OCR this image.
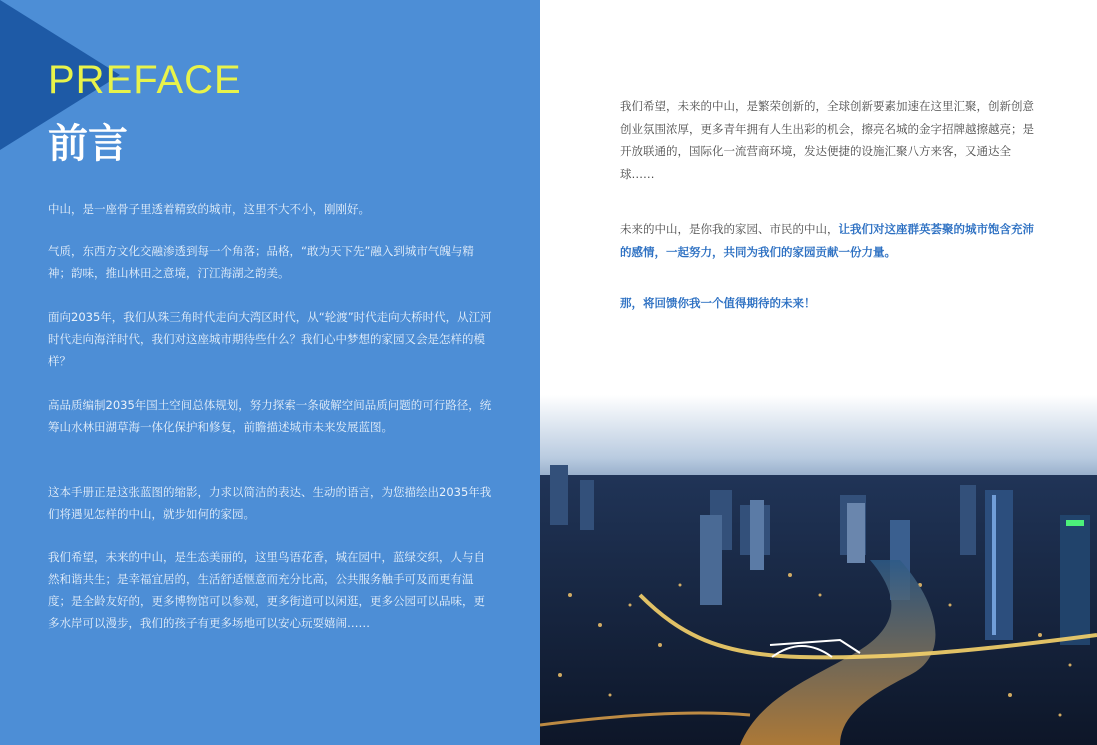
PREFACE
前言

中山，是一座骨子里透着精致的城市，这里不大不小，刚刚好。

气质，东西方文化交融渗透到每一个角落；品格，“敢为天下先”融入到城市气魄与精神；韵味，推山林田之意境，汀江海湖之韵美。

面向2035年，我们从珠三角时代走向大湾区时代，从“轮渡”时代走向大桥时代，从江河时代走向海洋时代，我们对这座城市期待些什么？我们心中梦想的家园又会是怎样的模样？

高品质编制2035年国土空间总体规划，努力探索一条破解空间品质问题的可行路径，统筹山水林田湖草海一体化保护和修复，前瞻描述城市未来发展蓝图。

这本手册正是这张蓝图的缩影，力求以简洁的表达、生动的语言，为您描绘出2035年我们将遇见怎样的中山，就步如何的家园。

我们希望，未来的中山，是生态美丽的，这里鸟语花香，城在园中，蓝绿交织，人与自然和谐共生；是幸福宜居的，生活舒适惬意而充分比高，公共服务触手可及而更有温度；是全龄友好的，更多博物馆可以参观，更多街道可以闲逛，更多公园可以品味，更多水岸可以漫步，我们的孩子有更多场地可以安心玩耍嬉闹……

我们希望，未来的中山，是繁荣创新的，全球创新要素加速在这里汇聚，创新创意创业氛围浓厚，更多青年拥有人生出彩的机会，擦亮名城的金字招牌越擦越亮；是开放联通的，国际化一流营商环境，发达便捷的设施汇聚八方来客，又通达全球……

未来的中山，是你我的家园、市民的中山，让我们对这座群英荟聚的城市饱含充沛的感情，一起努力，共同为我们的家园贡献一份力量。

那，将回馈你我一个值得期待的未来！
